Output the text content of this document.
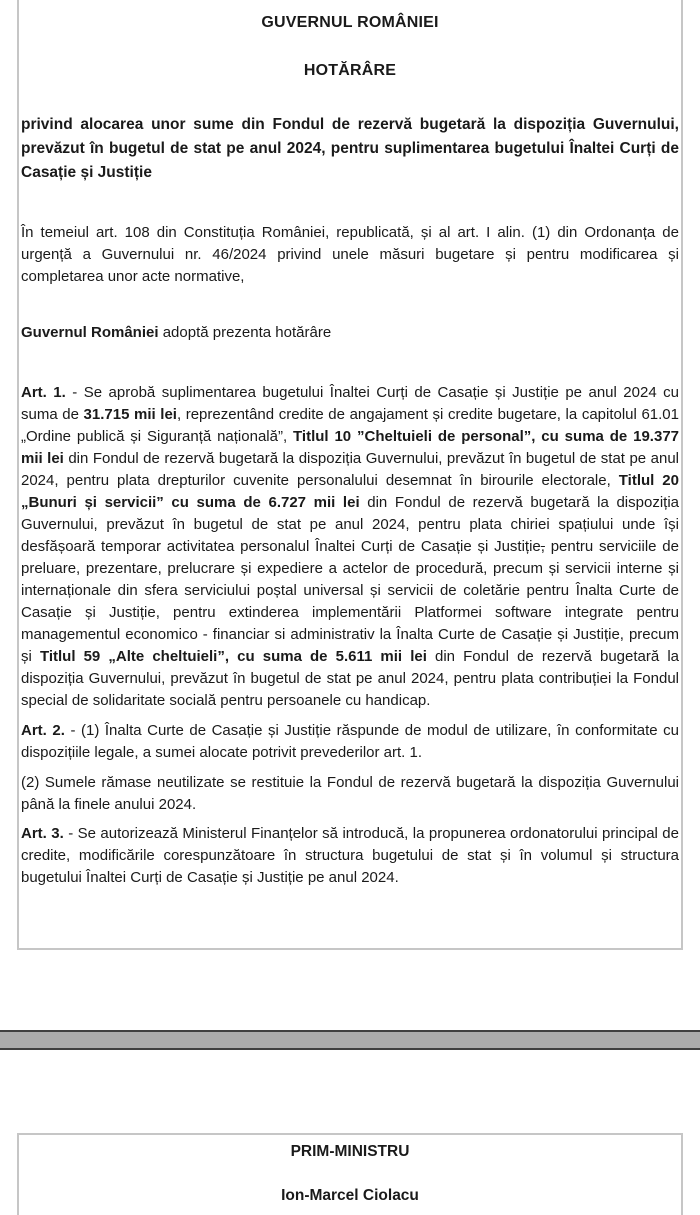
GUVERNUL ROMÂNIEI
HOTĂRÂRE

privind alocarea unor sume din Fondul de rezervă bugetară la dispoziția Guvernului, prevăzut în bugetul de stat pe anul 2024, pentru suplimentarea bugetului Înaltei Curți de Casație și Justiție

În temeiul art. 108 din Constituția României, republicată, și al art. I alin. (1) din Ordonanța de urgență a Guvernului nr. 46/2024 privind unele măsuri bugetare și pentru modificarea și completarea unor acte normative,

Guvernul României adoptă prezenta hotărâre

Art. 1. - Se aprobă suplimentarea bugetului Înaltei Curți de Casație și Justiție pe anul 2024 cu suma de 31.715 mii lei, reprezentând credite de angajament și credite bugetare, la capitolul 61.01 „Ordine publică și Siguranță națională”, Titlul 10 ”Cheltuieli de personal”, cu suma de 19.377 mii lei din Fondul de rezervă bugetară la dispoziția Guvernului, prevăzut în bugetul de stat pe anul 2024, pentru plata drepturilor cuvenite personalului desemnat în birourile electorale, Titlul 20 „Bunuri și servicii” cu suma de 6.727 mii lei din Fondul de rezervă bugetară la dispoziția Guvernului, prevăzut în bugetul de stat pe anul 2024, pentru plata chiriei spațiului unde își desfășoară temporar activitatea personalul Înaltei Curți de Casație și Justiție, pentru serviciile de preluare, prezentare, prelucrare și expediere a actelor de procedură, precum și servicii interne și internaționale din sfera serviciului poștal universal și servicii de coletărie pentru Înalta Curte de Casație și Justiție, pentru extinderea implementării Platformei software integrate pentru managementul economico - financiar si administrativ la Înalta Curte de Casație și Justiție, precum și Titlul 59 „Alte cheltuieli”, cu suma de 5.611 mii lei din Fondul de rezervă bugetară la dispoziția Guvernului, prevăzut în bugetul de stat pe anul 2024, pentru plata contribuției la Fondul special de solidaritate socială pentru persoanele cu handicap.

Art. 2. - (1) Înalta Curte de Casație și Justiție răspunde de modul de utilizare, în conformitate cu dispozițiile legale, a sumei alocate potrivit prevederilor art. 1.

(2) Sumele rămase neutilizate se restituie la Fondul de rezervă bugetară la dispoziția Guvernului până la finele anului 2024.

Art. 3. - Se autorizează Ministerul Finanțelor să introducă, la propunerea ordonatorului principal de credite, modificările corespunzătoare în structura bugetului de stat și în volumul și structura bugetului Înaltei Curți de Casație și Justiție pe anul 2024.

PRIM-MINISTRU
Ion-Marcel Ciolacu
